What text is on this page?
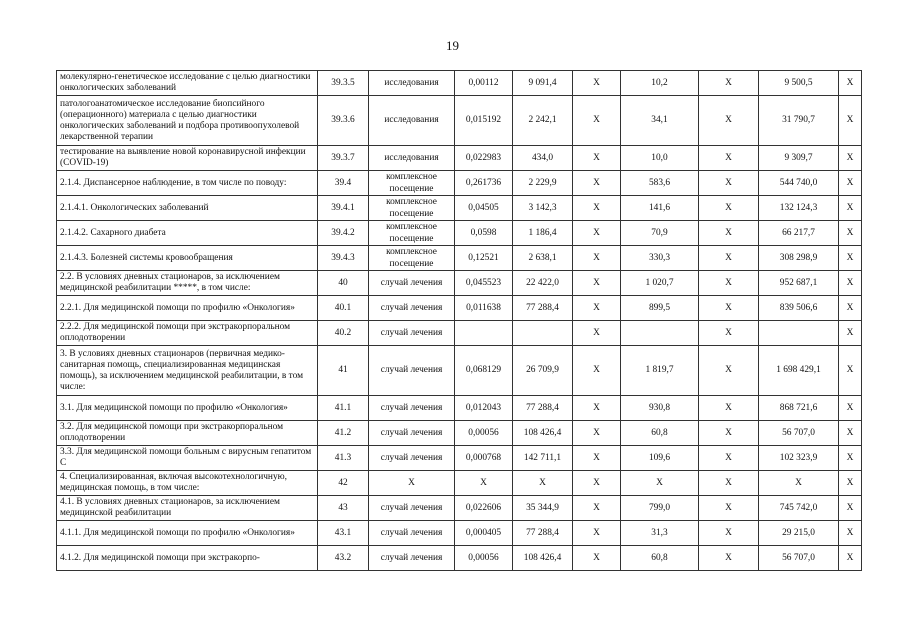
19
молекулярно-генетическое исследование с целью диагностики онкологических заболеваний	39.3.5	исследования	0,00112	9 091,4	X	10,2	X	9 500,5	X
патологоанатомическое исследование биопсийного (операционного) материала с целью диагностики онкологических заболеваний и подбора противоопухолевой лекарственной терапии	39.3.6	исследования	0,015192	2 242,1	X	34,1	X	31 790,7	X
тестирование на выявление новой коронавирусной инфекции (COVID-19)	39.3.7	исследования	0,022983	434,0	X	10,0	X	9 309,7	X
2.1.4. Диспансерное наблюдение, в том числе по поводу:	39.4	комплексное посещение	0,261736	2 229,9	X	583,6	X	544 740,0	X
2.1.4.1. Онкологических заболеваний	39.4.1	комплексное посещение	0,04505	3 142,3	X	141,6	X	132 124,3	X
2.1.4.2. Сахарного диабета	39.4.2	комплексное посещение	0,0598	1 186,4	X	70,9	X	66 217,7	X
2.1.4.3. Болезней системы кровообращения	39.4.3	комплексное посещение	0,12521	2 638,1	X	330,3	X	308 298,9	X
2.2. В условиях дневных стационаров, за исключением медицинской реабилитации *****, в том числе:	40	случай лечения	0,045523	22 422,0	X	1 020,7	X	952 687,1	X
2.2.1. Для медицинской помощи по профилю «Онкология»	40.1	случай лечения	0,011638	77 288,4	X	899,5	X	839 506,6	X
2.2.2. Для медицинской помощи при экстракорпоральном оплодотворении	40.2	случай лечения			X		X		X
3. В условиях дневных стационаров (первичная медико-санитарная помощь, специализированная медицинская помощь), за исключением медицинской реабилитации, в том числе:	41	случай лечения	0,068129	26 709,9	X	1 819,7	X	1 698 429,1	X
3.1. Для медицинской помощи по профилю «Онкология»	41.1	случай лечения	0,012043	77 288,4	X	930,8	X	868 721,6	X
3.2. Для медицинской помощи при экстракорпоральном оплодотворении	41.2	случай лечения	0,00056	108 426,4	X	60,8	X	56 707,0	X
3.3. Для медицинской помощи больным с вирусным гепатитом С	41.3	случай лечения	0,000768	142 711,1	X	109,6	X	102 323,9	X
4. Специализированная, включая высокотехнологичную, медицинская помощь, в том числе:	42	X	X	X	X	X	X	X	X
4.1. В условиях дневных стационаров, за исключением медицинской реабилитации	43	случай лечения	0,022606	35 344,9	X	799,0	X	745 742,0	X
4.1.1. Для медицинской помощи по профилю «Онкология»	43.1	случай лечения	0,000405	77 288,4	X	31,3	X	29 215,0	X
4.1.2. Для медицинской помощи при экстракорпо-	43.2	случай лечения	0,00056	108 426,4	X	60,8	X	56 707,0	X
